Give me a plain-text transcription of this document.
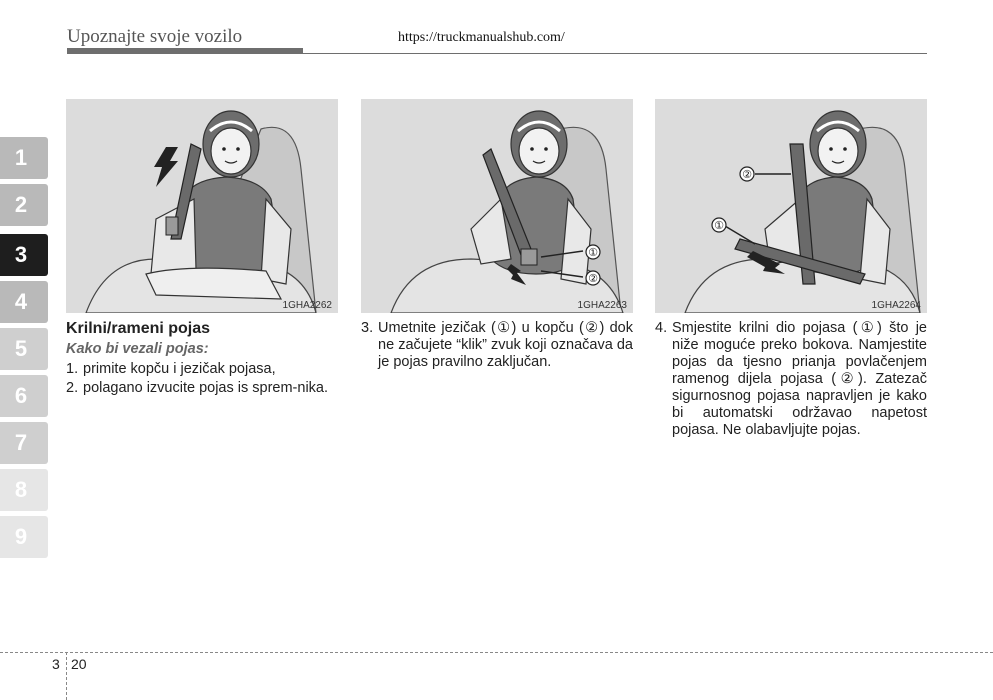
Upoznajte svoje vozilo	https://truckmanualshub.com/
1
2
3
4
5
6
7
8
9
1GHA2262
①
②
1GHA2263
②
①
1GHA2264
Krilni/rameni pojas
Kako bi vezali pojas:
1. primite kopču i jezičak pojasa,
2. polagano izvucite pojas is sprem-nika.
3. Umetnite jezičak (①) u kopču (②) dok ne začujete “klik” zvuk koji označava da je pojas pravilno zaključan.
4. Smjestite krilni dio pojasa (①) što je niže moguće preko bokova. Namjestite pojas da tjesno prianja povlačenjem ramenog dijela pojasa (②). Zatezač sigurnosnog pojasa napravljen je kako bi automatski održavao napetost pojasa. Ne olabavljujte pojas.
3 20
